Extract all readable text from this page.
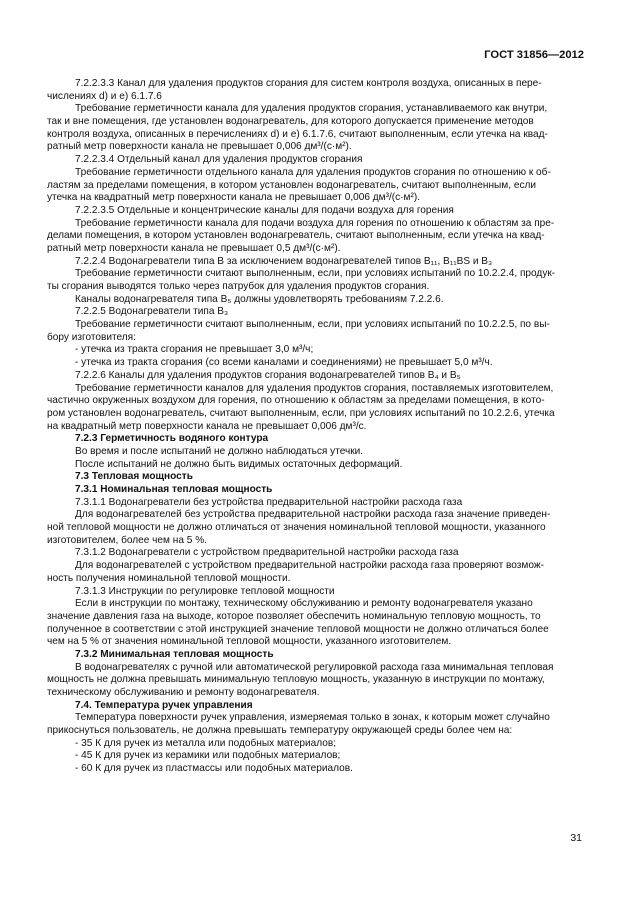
ГОСТ 31856—2012
7.2.2.3.3 Канал для удаления продуктов сгорания для систем контроля воздуха, описанных в пере-
числениях d) и e) 6.1.7.6
Требование герметичности канала для удаления продуктов сгорания, устанавливаемого как внутри,
так и вне помещения, где установлен водонагреватель, для которого допускается применение методов
контроля воздуха, описанных в перечислениях d) и e) 6.1.7.6, считают выполненным, если утечка на квад-
ратный метр поверхности канала не превышает 0,006 дм³/(с·м²).
7.2.2.3.4 Отдельный канал для удаления продуктов сгорания
Требование герметичности отдельного канала для удаления продуктов сгорания по отношению к об-
ластям за пределами помещения, в котором установлен водонагреватель, считают выполненным, если
утечка на квадратный метр поверхности канала не превышает 0,006 дм³/(с·м²).
7.2.2.3.5 Отдельные и концентрические каналы для подачи воздуха для горения
Требование герметичности канала для подачи воздуха для горения по отношению к областям за пре-
делами помещения, в котором установлен водонагреватель, считают выполненным, если утечка на квад-
ратный метр поверхности канала не превышает 0,5 дм³/(с·м²).
7.2.2.4 Водонагреватели типа В за исключением водонагревателей типов В₁₁, В₁₁BS и В₃
Требование герметичности считают выполненным, если, при условиях испытаний по 10.2.2.4, продук-
ты сгорания выводятся только через патрубок для удаления продуктов сгорания.
Каналы водонагревателя типа В₅ должны удовлетворять требованиям 7.2.2.6.
7.2.2.5 Водонагреватели типа В₃
Требование герметичности считают выполненным, если, при условиях испытаний по 10.2.2.5, по вы-
бору изготовителя:
- утечка из тракта сгорания не превышает 3,0 м³/ч;
- утечка из тракта сгорания (со всеми каналами и соединениями) не превышает 5,0 м³/ч.
7.2.2.6 Каналы для удаления продуктов сгорания водонагревателей типов В₄ и В₅
Требование герметичности каналов для удаления продуктов сгорания, поставляемых изготовителем,
частично окруженных воздухом для горения, по отношению к областям за пределами помещения, в кото-
ром установлен водонагреватель, считают выполненным, если, при условиях испытаний по 10.2.2.6, утечка
на квадратный метр поверхности канала не превышает 0,006 дм³/с.
7.2.3 Герметичность водяного контура
Во время и после испытаний не должно наблюдаться утечки.
После испытаний не должно быть видимых остаточных деформаций.
7.3 Тепловая мощность
7.3.1 Номинальная тепловая мощность
7.3.1.1 Водонагреватели без устройства предварительной настройки расхода газа
Для водонагревателей без устройства предварительной настройки расхода газа значение приведен-
ной тепловой мощности не должно отличаться от значения номинальной тепловой мощности, указанного
изготовителем, более чем на 5 %.
7.3.1.2 Водонагреватели с устройством предварительной настройки расхода газа
Для водонагревателей с устройством предварительной настройки расхода газа проверяют возмож-
ность получения номинальной тепловой мощности.
7.3.1.3 Инструкции по регулировке тепловой мощности
Если в инструкции по монтажу, техническому обслуживанию и ремонту водонагревателя указано
значение давления газа на выходе, которое позволяет обеспечить номинальную тепловую мощность, то
полученное в соответствии с этой инструкцией значение тепловой мощности не должно отличаться более
чем на 5 % от значения номинальной тепловой мощности, указанного изготовителем.
7.3.2 Минимальная тепловая мощность
В водонагревателях с ручной или автоматической регулировкой расхода газа минимальная тепловая
мощность не должна превышать минимальную тепловую мощность, указанную в инструкции по монтажу,
техническому обслуживанию и ремонту водонагревателя.
7.4. Температура ручек управления
Температура поверхности ручек управления, измеряемая только в зонах, к которым может случайно
прикоснуться пользователь, не должна превышать температуру окружающей среды более чем на:
- 35 К для ручек из металла или подобных материалов;
- 45 К для ручек из керамики или подобных материалов;
- 60 К для ручек из пластмассы или подобных материалов.
31
